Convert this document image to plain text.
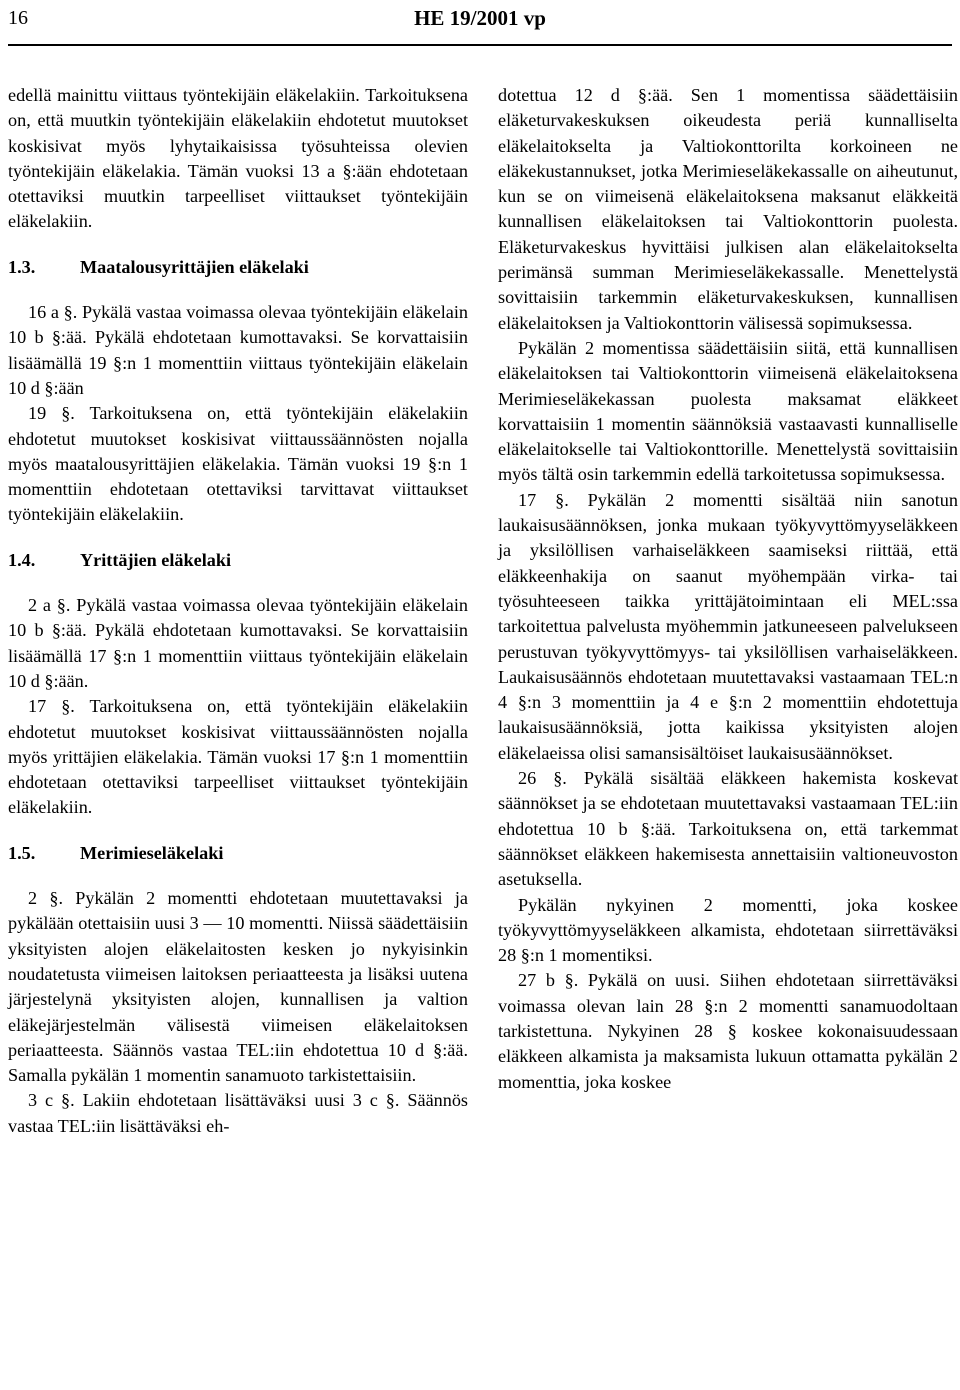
16	HE 19/2001 vp

edellä mainittu viittaus työntekijäin eläkelakiin. Tarkoituksena on, että muutkin työntekijäin eläkelakiin ehdotetut muutokset koskisivat myös lyhytaikaisissa työsuhteissa olevien työntekijäin eläkelakia. Tämän vuoksi 13 a §:ään ehdotetaan otettaviksi muutkin tarpeelliset viittaukset työntekijäin eläkelakiin.

1.3. Maatalousyrittäjien eläkelaki

16 a §. Pykälä vastaa voimassa olevaa työntekijäin eläkelain 10 b §:ää. Pykälä ehdotetaan kumottavaksi. Se korvattaisiin lisäämällä 19 §:n 1 momenttiin viittaus työntekijäin eläkelain 10 d §:ään

19 §. Tarkoituksena on, että työntekijäin eläkelakiin ehdotetut muutokset koskisivat viittaussäännösten nojalla myös maatalousyrittäjien eläkelakia. Tämän vuoksi 19 §:n 1 momenttiin ehdotetaan otettaviksi tarvittavat viittaukset työntekijäin eläkelakiin.

1.4. Yrittäjien eläkelaki

2 a §. Pykälä vastaa voimassa olevaa työntekijäin eläkelain 10 b §:ää. Pykälä ehdotetaan kumottavaksi. Se korvattaisiin lisäämällä 17 §:n 1 momenttiin viittaus työntekijäin eläkelain 10 d §:ään.

17 §. Tarkoituksena on, että työntekijäin eläkelakiin ehdotetut muutokset koskisivat viittaussäännösten nojalla myös yrittäjien eläkelakia. Tämän vuoksi 17 §:n 1 momenttiin ehdotetaan otettaviksi tarpeelliset viittaukset työntekijäin eläkelakiin.

1.5. Merimieseläkelaki

2 §. Pykälän 2 momentti ehdotetaan muutettavaksi ja pykälään otettaisiin uusi 3 — 10 momentti. Niissä säädettäisiin yksityisten alojen eläkelaitosten kesken jo nykyisinkin noudatetusta viimeisen laitoksen periaatteesta ja lisäksi uutena järjestelynä yksityisten alojen, kunnallisen ja valtion eläkejärjestelmän välisestä viimeisen eläkelaitoksen periaatteesta. Säännös vastaa TEL:iin ehdotettua 10 d §:ää. Samalla pykälän 1 momentin sanamuoto tarkistettaisiin.

3 c §. Lakiin ehdotetaan lisättäväksi uusi 3 c §. Säännös vastaa TEL:iin lisättäväksi eh-

dotettua 12 d §:ää. Sen 1 momentissa säädettäisiin eläketurvakeskuksen oikeudesta periä kunnalliselta eläkelaitokselta ja Valtiokonttorilta korkoineen ne eläkekustannukset, jotka Merimieseläkekassalle on aiheutunut, kun se on viimeisenä eläkelaitoksena maksanut eläkkeitä kunnallisen eläkelaitoksen tai Valtiokonttorin puolesta. Eläketurvakeskus hyvittäisi julkisen alan eläkelaitokselta perimänsä summan Merimieseläkekassalle. Menettelystä sovittaisiin tarkemmin eläketurvakeskuksen, kunnallisen eläkelaitoksen ja Valtiokonttorin välisessä sopimuksessa.

Pykälän 2 momentissa säädettäisiin siitä, että kunnallisen eläkelaitoksen tai Valtiokonttorin viimeisenä eläkelaitoksena Merimieseläkekassan puolesta maksamat eläkkeet korvattaisiin 1 momentin säännöksiä vastaavasti kunnalliselle eläkelaitokselle tai Valtiokonttorille. Menettelystä sovittaisiin myös tältä osin tarkemmin edellä tarkoitetussa sopimuksessa.

17 §. Pykälän 2 momentti sisältää niin sanotun laukaisusäännöksen, jonka mukaan työkyvyttömyyseläkkeen ja yksilöllisen varhaiseläkkeen saamiseksi riittää, että eläkkeenhakija on saanut myöhempään virka- tai työsuhteeseen taikka yrittäjätoimintaan eli MEL:ssa tarkoitettua palvelusta myöhemmin jatkuneeseen palvelukseen perustuvan työkyvyttömyys- tai yksilöllisen varhaiseläkkeen. Laukaisusäännös ehdotetaan muutettavaksi vastaamaan TEL:n 4 §:n 3 momenttiin ja 4 e §:n 2 momenttiin ehdotettuja laukaisusäännöksiä, jotta kaikissa yksityisten alojen eläkelaeissa olisi samansisältöiset laukaisusäännökset.

26 §. Pykälä sisältää eläkkeen hakemista koskevat säännökset ja se ehdotetaan muutettavaksi vastaamaan TEL:iin ehdotettua 10 b §:ää. Tarkoituksena on, että tarkemmat säännökset eläkkeen hakemisesta annettaisiin valtioneuvoston asetuksella.

Pykälän nykyinen 2 momentti, joka koskee työkyvyttömyyseläkkeen alkamista, ehdotetaan siirrettäväksi 28 §:n 1 momentiksi.

27 b §. Pykälä on uusi. Siihen ehdotetaan siirrettäväksi voimassa olevan lain 28 §:n 2 momentti sanamuodoltaan tarkistettuna. Nykyinen 28 § koskee kokonaisuudessaan eläkkeen alkamista ja maksamista lukuun ottamatta pykälän 2 momenttia, joka koskee
